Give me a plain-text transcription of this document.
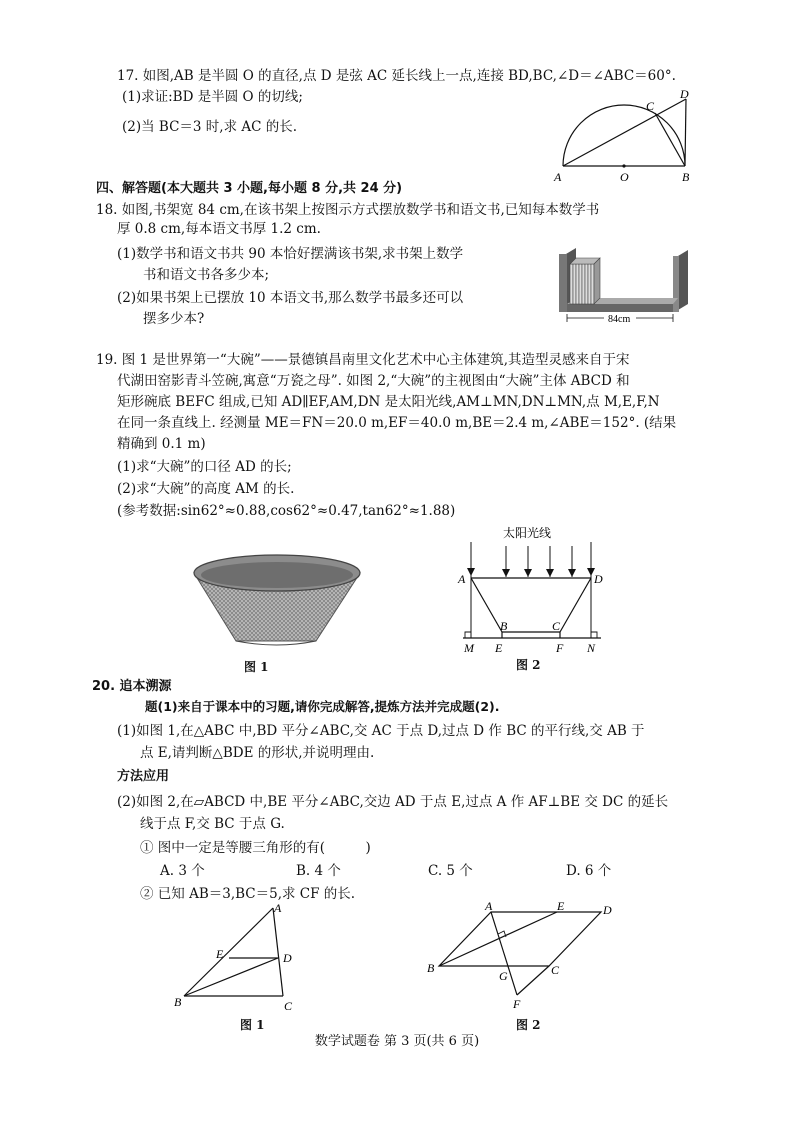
17. 如图,AB 是半圆 O 的直径,点 D 是弦 AC 延长线上一点,连接 BD,BC,∠D＝∠ABC＝60°.
(1)求证:BD 是半圆 O 的切线;
(2)当 BC＝3 时,求 AC 的长.
A	O	B
C
D
四、解答题(本大题共 3 小题,每小题 8 分,共 24 分)
18. 如图,书架宽 84 cm,在该书架上按图示方式摆放数学书和语文书,已知每本数学书
厚 0.8 cm,每本语文书厚 1.2 cm.
(1)数学书和语文书共 90 本恰好摆满该书架,求书架上数学
书和语文书各多少本;
(2)如果书架上已摆放 10 本语文书,那么数学书最多还可以
摆多少本?	84cm
19. 图 1 是世界第一“大碗”——景德镇昌南里文化艺术中心主体建筑,其造型灵感来自于宋
代湖田窑影青斗笠碗,寓意“万瓷之母”. 如图 2,“大碗”的主视图由“大碗”主体 ABCD 和
矩形碗底 BEFC 组成,已知 AD∥EF,AM,DN 是太阳光线,AM⊥MN,DN⊥MN,点 M,E,F,N
在同一条直线上. 经测量 ME＝FN＝20.0 m,EF＝40.0 m,BE＝2.4 m,∠ABE＝152°. (结果
精确到 0.1 m)
(1)求“大碗”的口径 AD 的长;
(2)求“大碗”的高度 AM 的长.
(参考数据:sin62°≈0.88,cos62°≈0.47,tan62°≈1.88)
图 1
太阳光线
A	D
B	C
M E	F N
图 2
20. 追本溯源
题(1)来自于课本中的习题,请你完成解答,提炼方法并完成题(2).
(1)如图 1,在△ABC 中,BD 平分∠ABC,交 AC 于点 D,过点 D 作 BC 的平行线,交 AB 于
点 E,请判断△BDE 的形状,并说明理由.
方法应用
(2)如图 2,在▱ABCD 中,BE 平分∠ABC,交边 AD 于点 E,过点 A 作 AF⊥BE 交 DC 的延长
线于点 F,交 BC 于点 G.
① 图中一定是等腰三角形的有(　　　)
A. 3 个	B. 4 个	C. 5 个	D. 6 个
② 已知 AB＝3,BC＝5,求 CF 的长.
A
E	D
B	C
图 1
A	E	D
B
G	C
F
图 2
数学试题卷 第 3 页(共 6 页)
